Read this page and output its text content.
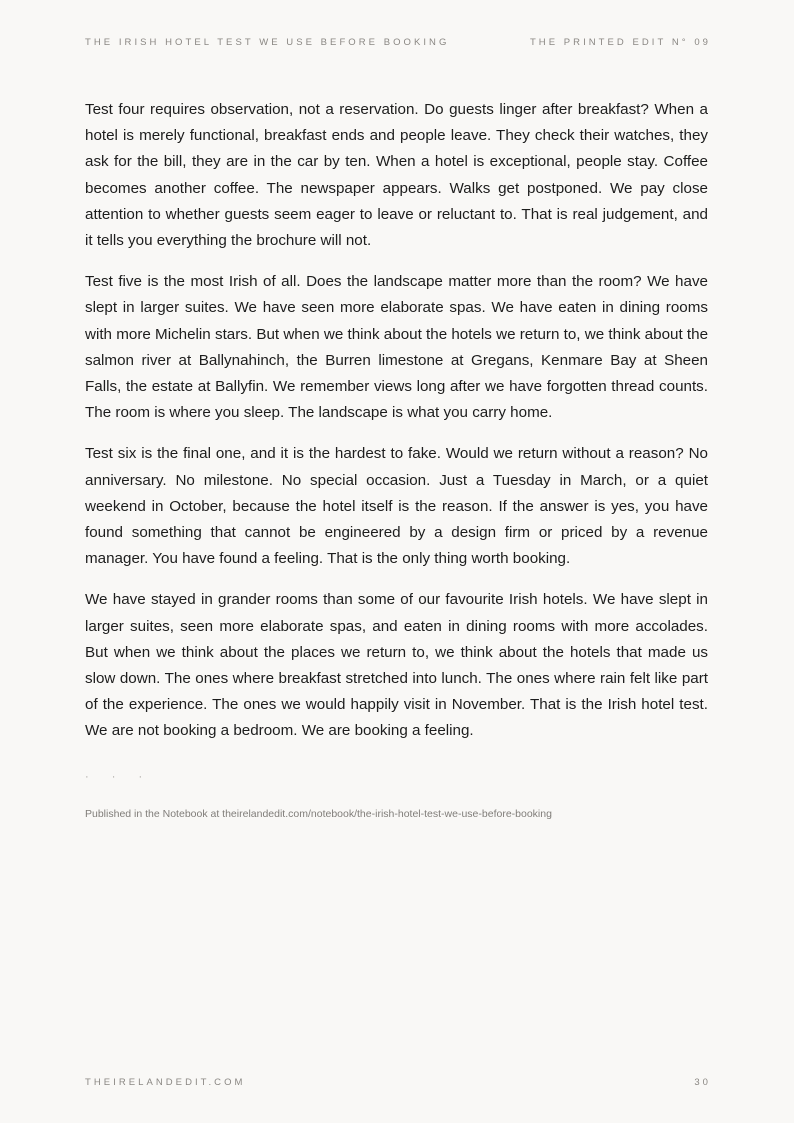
THE IRISH HOTEL TEST WE USE BEFORE BOOKING	THE PRINTED EDIT N° 09

Test four requires observation, not a reservation. Do guests linger after breakfast? When a hotel is merely functional, breakfast ends and people leave. They check their watches, they ask for the bill, they are in the car by ten. When a hotel is exceptional, people stay. Coffee becomes another coffee. The newspaper appears. Walks get postponed. We pay close attention to whether guests seem eager to leave or reluctant to. That is real judgement, and it tells you everything the brochure will not.

Test five is the most Irish of all. Does the landscape matter more than the room? We have slept in larger suites. We have seen more elaborate spas. We have eaten in dining rooms with more Michelin stars. But when we think about the hotels we return to, we think about the salmon river at Ballynahinch, the Burren limestone at Gregans, Kenmare Bay at Sheen Falls, the estate at Ballyfin. We remember views long after we have forgotten thread counts. The room is where you sleep. The landscape is what you carry home.

Test six is the final one, and it is the hardest to fake. Would we return without a reason? No anniversary. No milestone. No special occasion. Just a Tuesday in March, or a quiet weekend in October, because the hotel itself is the reason. If the answer is yes, you have found something that cannot be engineered by a design firm or priced by a revenue manager. You have found a feeling. That is the only thing worth booking.

We have stayed in grander rooms than some of our favourite Irish hotels. We have slept in larger suites, seen more elaborate spas, and eaten in dining rooms with more accolades. But when we think about the places we return to, we think about the hotels that made us slow down. The ones where breakfast stretched into lunch. The ones where rain felt like part of the experience. The ones we would happily visit in November. That is the Irish hotel test. We are not booking a bedroom. We are booking a feeling.

· · ·
Published in the Notebook at theirelandedit.com/notebook/the-irish-hotel-test-we-use-before-booking
THEIRELANDEDIT.COM	30
